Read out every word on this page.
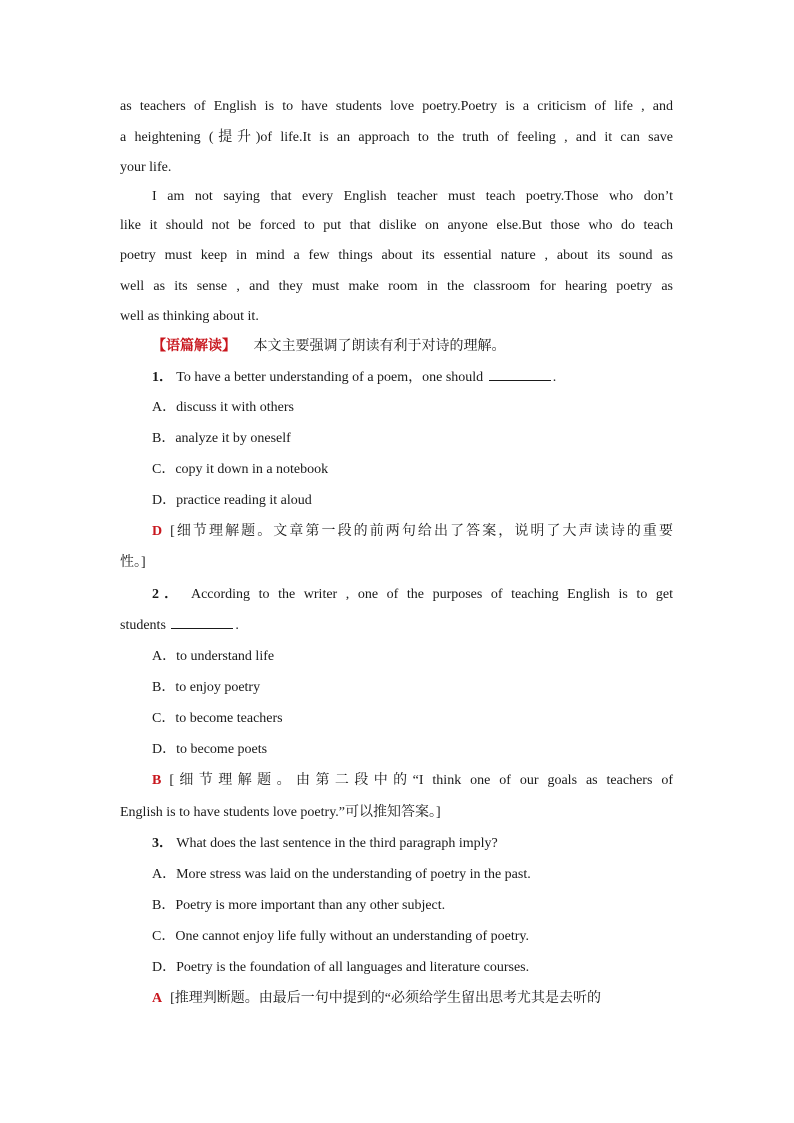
as teachers of English is to have students love poetry.Poetry is a criticism of life , and
a heightening (提升)of life.It is an approach to the truth of feeling , and it can save
your life.
I am not saying that every English teacher must teach poetry.Those who don’t
like it should not be forced to put that dislike on anyone else.But those who do teach
poetry must keep in mind a few things about its essential nature , about its sound as
well as its sense , and they must make room in the classroom for hearing poetry as
well as thinking about it.
【语篇解读】 本文主要强调了朗读有利于对诗的理解。
1． To have a better understanding of a poem，one should	.
A．discuss it with others
B．analyze it by oneself
C．copy it down in a notebook
D．practice reading it aloud
D [细节理解题。文章第一段的前两句给出了答案，说明了大声读诗的重要
性。]
2． According to the writer , one of the purposes of teaching English is to get
students	.
A．to understand life
B．to enjoy poetry
C．to become teachers
D．to become poets
B [细节理解题。由第二段中的“I think one of our goals as teachers of
English is to have students love poetry.”可以推知答案。]
3． What does the last sentence in the third paragraph imply?
A．More stress was laid on the understanding of poetry in the past.
B．Poetry is more important than any other subject.
C．One cannot enjoy life fully without an understanding of poetry.
D．Poetry is the foundation of all languages and literature courses.
A [推理判断题。由最后一句中提到的“必须给学生留出思考尤其是去听的
